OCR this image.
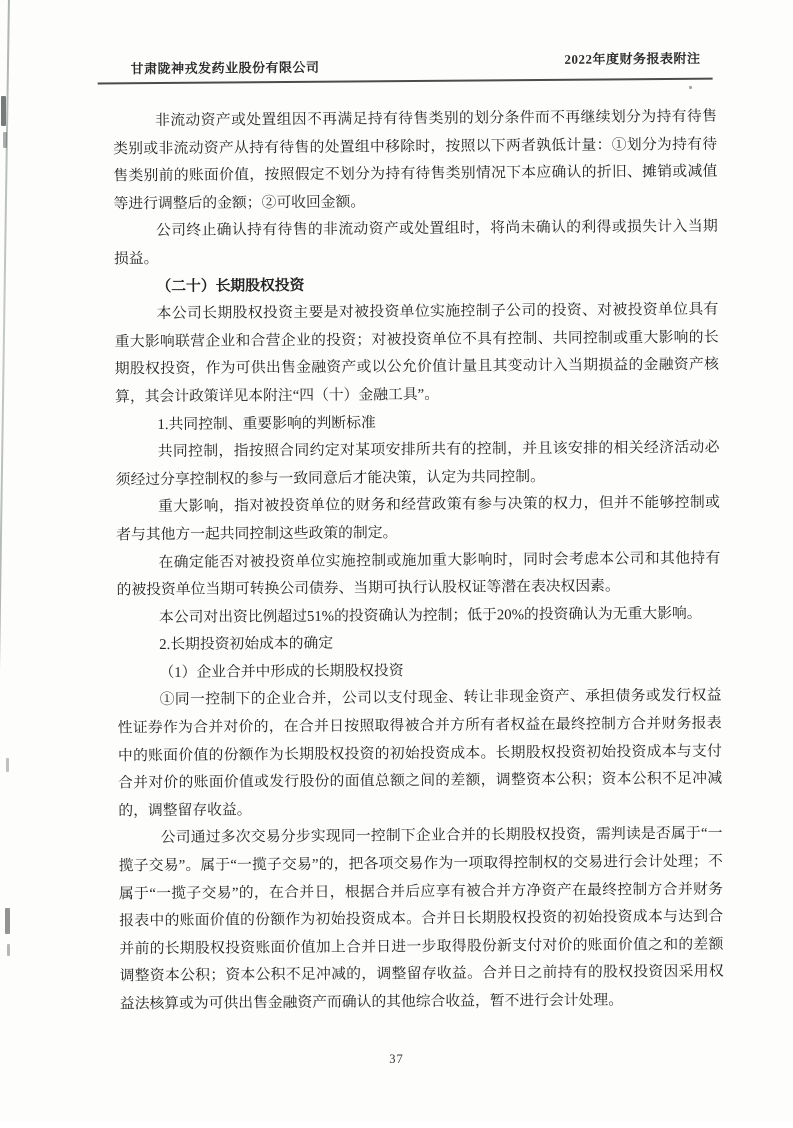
甘肃陇神戎发药业股份有限公司
2022年度财务报表附注
非流动资产或处置组因不再满足持有待售类别的划分条件而不再继续划分为持有待售类别或非流动资产从持有待售的处置组中移除时，按照以下两者孰低计量：①划分为持有待售类别前的账面价值，按照假定不划分为持有待售类别情况下本应确认的折旧、摊销或减值等进行调整后的金额；②可收回金额。
公司终止确认持有待售的非流动资产或处置组时，将尚未确认的利得或损失计入当期损益。
（二十）长期股权投资
本公司长期股权投资主要是对被投资单位实施控制子公司的投资、对被投资单位具有重大影响联营企业和合营企业的投资；对被投资单位不具有控制、共同控制或重大影响的长期股权投资，作为可供出售金融资产或以公允价值计量且其变动计入当期损益的金融资产核算，其会计政策详见本附注“四（十）金融工具”。
1.共同控制、重要影响的判断标准
共同控制，指按照合同约定对某项安排所共有的控制，并且该安排的相关经济活动必须经过分享控制权的参与一致同意后才能决策，认定为共同控制。
重大影响，指对被投资单位的财务和经营政策有参与决策的权力，但并不能够控制或者与其他方一起共同控制这些政策的制定。
在确定能否对被投资单位实施控制或施加重大影响时，同时会考虑本公司和其他持有的被投资单位当期可转换公司债券、当期可执行认股权证等潜在表决权因素。
本公司对出资比例超过51%的投资确认为控制；低于20%的投资确认为无重大影响。
2.长期投资初始成本的确定
（1）企业合并中形成的长期股权投资
①同一控制下的企业合并，公司以支付现金、转让非现金资产、承担债务或发行权益性证券作为合并对价的，在合并日按照取得被合并方所有者权益在最终控制方合并财务报表中的账面价值的份额作为长期股权投资的初始投资成本。长期股权投资初始投资成本与支付合并对价的账面价值或发行股份的面值总额之间的差额，调整资本公积；资本公积不足冲减的，调整留存收益。
公司通过多次交易分步实现同一控制下企业合并的长期股权投资，需判读是否属于“一揽子交易”。属于“一揽子交易”的，把各项交易作为一项取得控制权的交易进行会计处理；不属于“一揽子交易”的，在合并日，根据合并后应享有被合并方净资产在最终控制方合并财务报表中的账面价值的份额作为初始投资成本。合并日长期股权投资的初始投资成本与达到合并前的长期股权投资账面价值加上合并日进一步取得股份新支付对价的账面价值之和的差额调整资本公积；资本公积不足冲减的，调整留存收益。合并日之前持有的股权投资因采用权益法核算或为可供出售金融资产而确认的其他综合收益，暂不进行会计处理。
37
